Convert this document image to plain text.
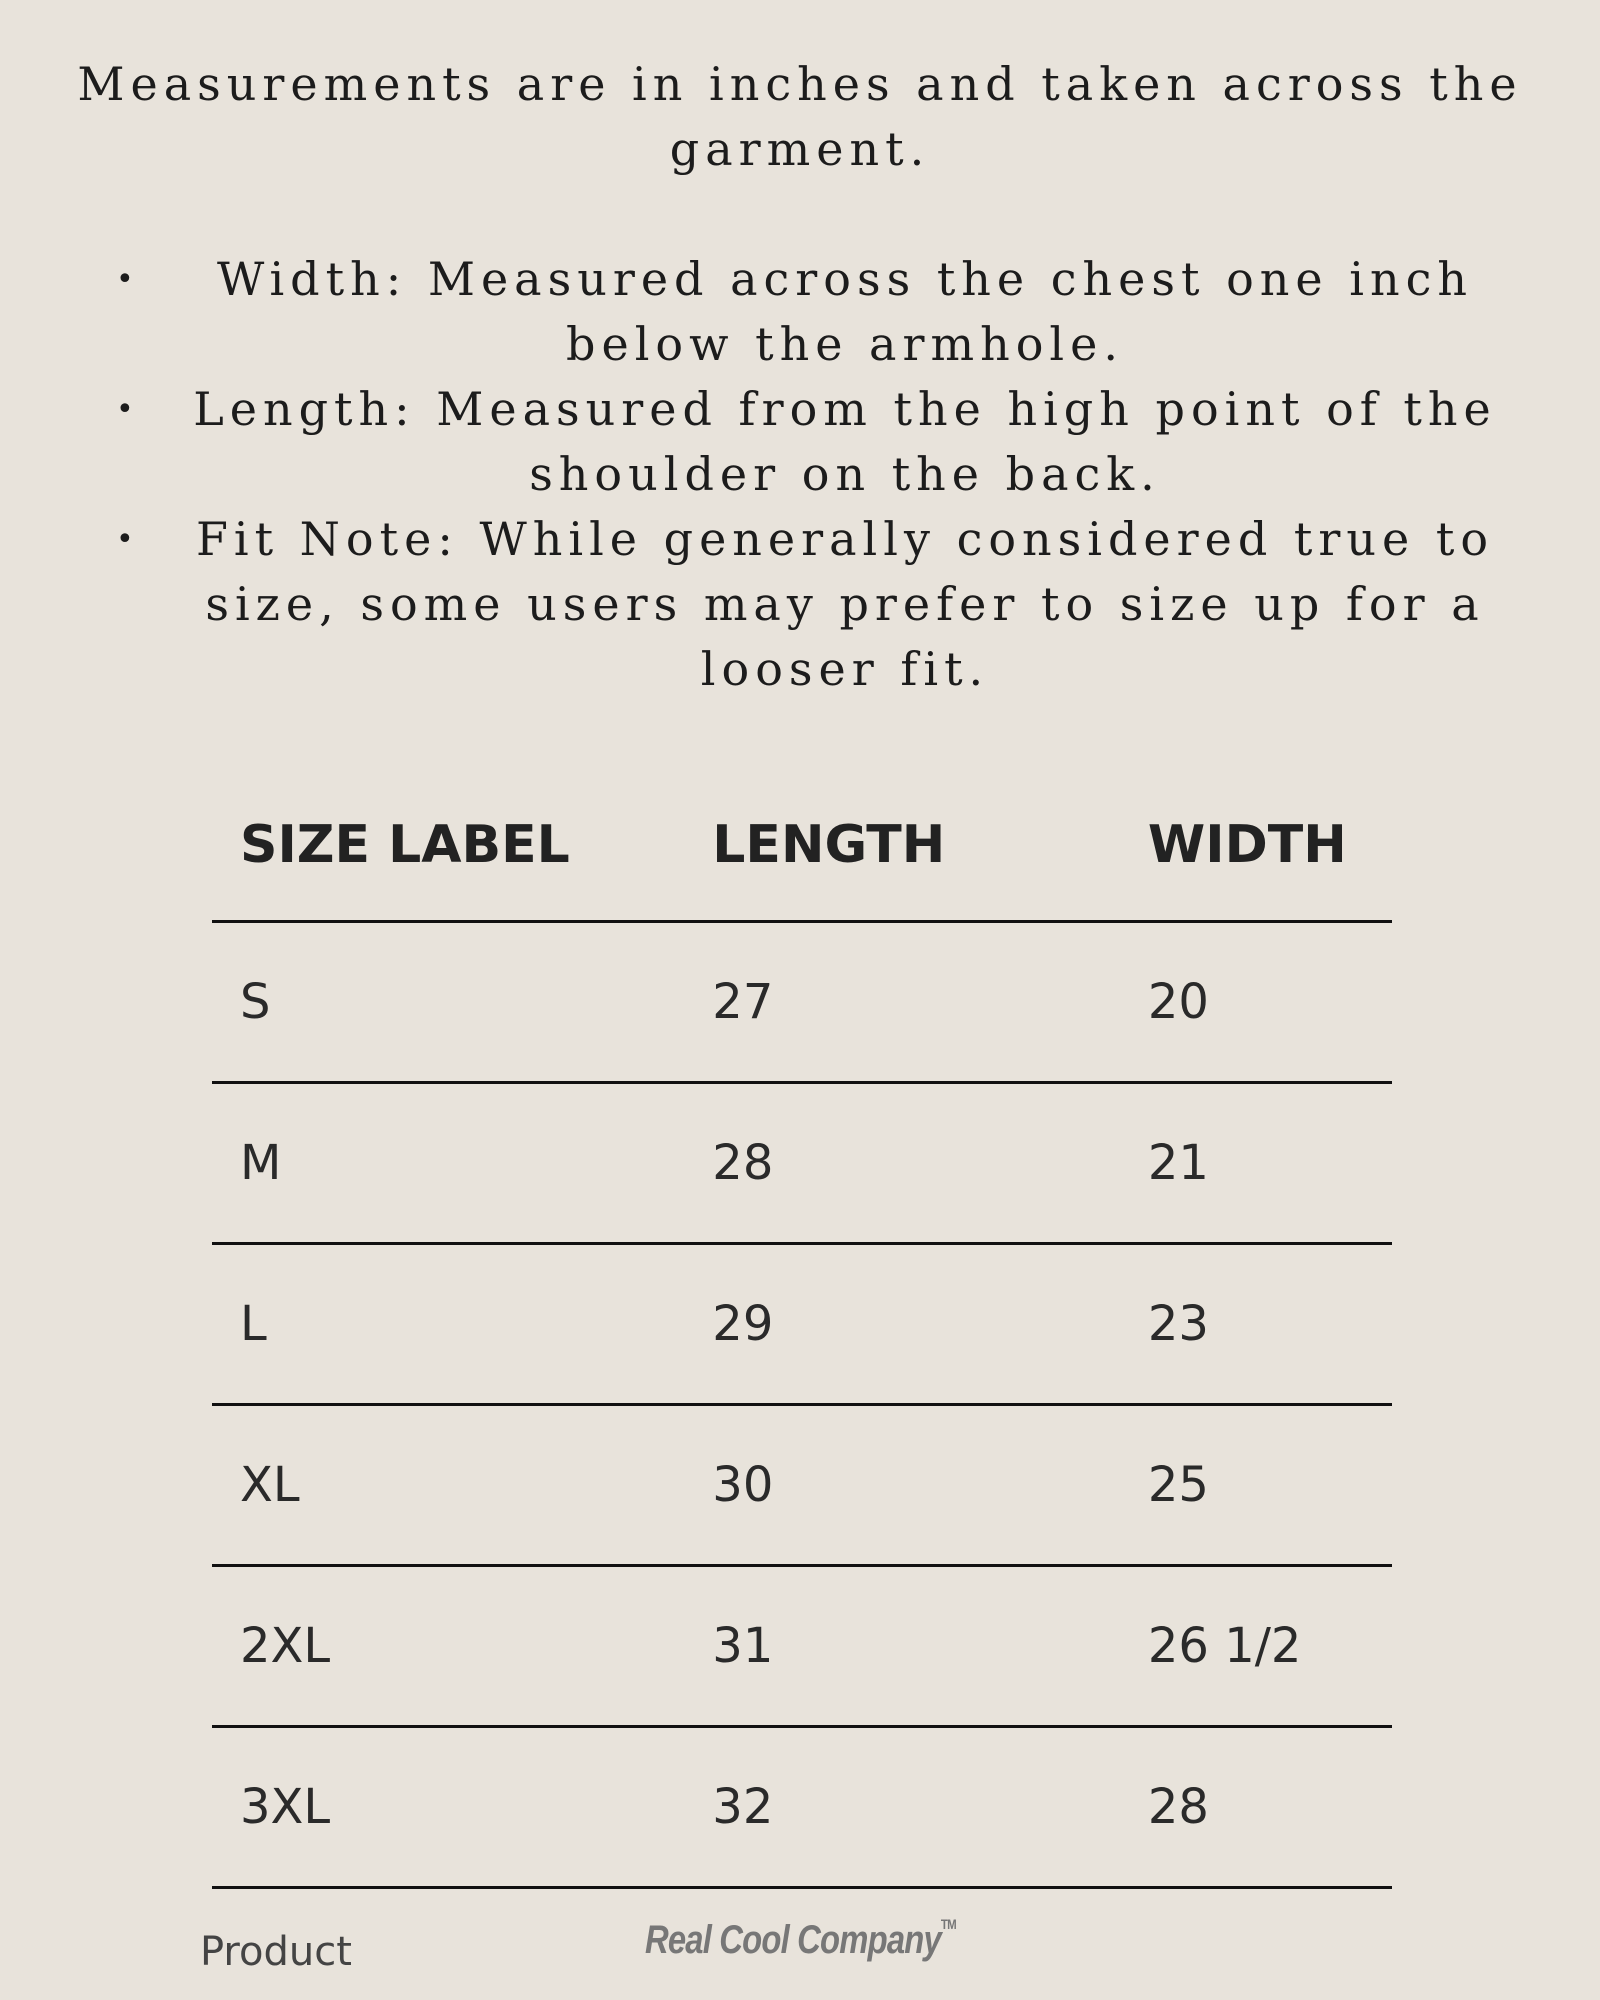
Measurements are in inches and taken across the garment.
• Width: Measured across the chest one inch below the armhole.
• Length: Measured from the high point of the shoulder on the back.
• Fit Note: While generally considered true to size, some users may prefer to size up for a looser fit.
SIZE LABEL	LENGTH	WIDTH
S	27	20
M	28	21
L	29	23
XL	30	25
2XL	31	26 1/2
3XL	32	28
Product	Real Cool Company™
